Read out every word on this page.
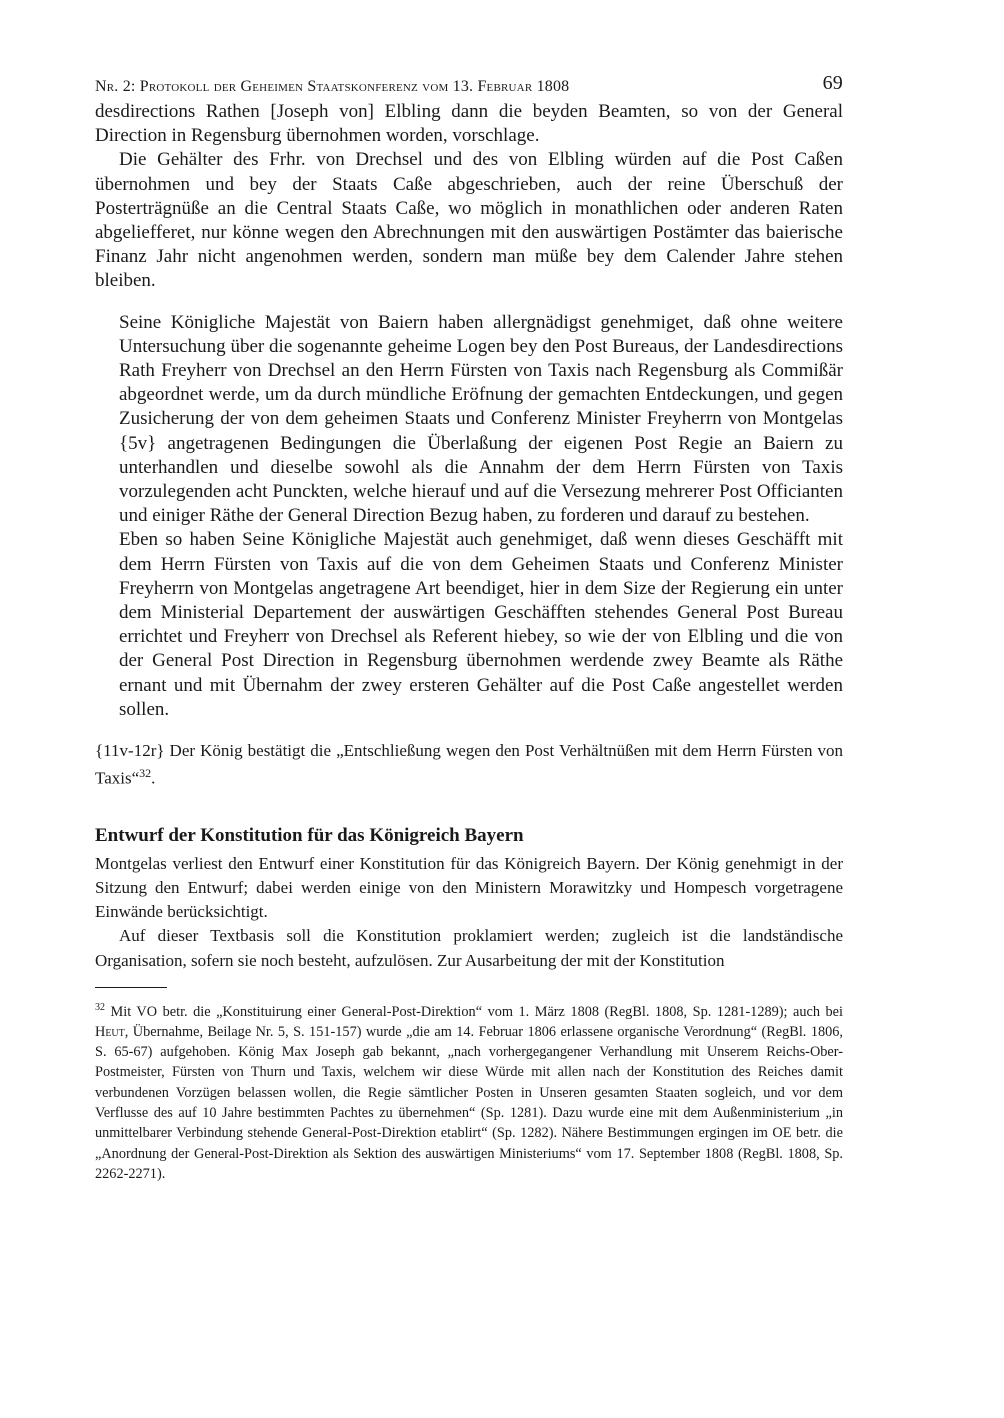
Nr. 2: Protokoll der Geheimen Staatskonferenz vom 13. Februar 1808	69

desdirections Rathen [Joseph von] Elbling dann die beyden Beamten, so von der General Direction in Regensburg übernohmen worden, vorschlage.

Die Gehälter des Frhr. von Drechsel und des von Elbling würden auf die Post Caßen übernohmen und bey der Staats Caße abgeschrieben, auch der reine Überschuß der Posterträgnüße an die Central Staats Caße, wo möglich in monathlichen oder anderen Raten abgeliefferet, nur könne wegen den Abrechnungen mit den auswärtigen Postämter das baierische Finanz Jahr nicht angenohmen werden, sondern man müße bey dem Calender Jahre stehen bleiben.

Seine Königliche Majestät von Baiern haben allergnädigst genehmiget, daß ohne weitere Untersuchung über die sogenannte geheime Logen bey den Post Bureaus, der Landesdirections Rath Freyherr von Drechsel an den Herrn Fürsten von Taxis nach Regensburg als Commißär abgeordnet werde, um da durch mündliche Eröfnung der gemachten Entdeckungen, und gegen Zusicherung der von dem geheimen Staats und Conferenz Minister Freyherrn von Montgelas {5v} angetragenen Bedingungen die Überlaßung der eigenen Post Regie an Baiern zu unterhandlen und dieselbe sowohl als die Annahm der dem Herrn Fürsten von Taxis vorzulegenden acht Punckten, welche hierauf und auf die Versezung mehrerer Post Officianten und einiger Räthe der General Direction Bezug haben, zu forderen und darauf zu bestehen.

Eben so haben Seine Königliche Majestät auch genehmiget, daß wenn dieses Geschäfft mit dem Herrn Fürsten von Taxis auf die von dem Geheimen Staats und Conferenz Minister Freyherrn von Montgelas angetragene Art beendiget, hier in dem Size der Regierung ein unter dem Ministerial Departement der auswärtigen Geschäfften stehendes General Post Bureau errichtet und Freyherr von Drechsel als Referent hiebey, so wie der von Elbling und die von der General Post Direction in Regensburg übernohmen werdende zwey Beamte als Räthe ernant und mit Übernahm der zwey ersteren Gehälter auf die Post Caße angestellet werden sollen.

{11v-12r} Der König bestätigt die „Entschließung wegen den Post Verhältnüßen mit dem Herrn Fürsten von Taxis“$^{32}$.
Entwurf der Konstitution für das Königreich Bayern

Montgelas verliest den Entwurf einer Konstitution für das Königreich Bayern. Der König genehmigt in der Sitzung den Entwurf; dabei werden einige von den Ministern Morawitzky und Hompesch vorgetragene Einwände berücksichtigt.

Auf dieser Textbasis soll die Konstitution proklamiert werden; zugleich ist die landständische Organisation, sofern sie noch besteht, aufzulösen. Zur Ausarbeitung der mit der Konstitution

$^{32}$ Mit VO betr. die „Konstituirung einer General-Post-Direktion“ vom 1. März 1808 (RegBl. 1808, Sp. 1281-1289); auch bei Heut, Übernahme, Beilage Nr. 5, S. 151-157) wurde „die am 14. Februar 1806 erlassene organische Verordnung“ (RegBl. 1806, S. 65-67) aufgehoben. König Max Joseph gab bekannt, „nach vorhergegangener Verhandlung mit Unserem Reichs-Ober-Postmeister, Fürsten von Thurn und Taxis, welchem wir diese Würde mit allen nach der Konstitution des Reiches damit verbundenen Vorzügen belassen wollen, die Regie sämtlicher Posten in Unseren gesamten Staaten sogleich, und vor dem Verflusse des auf 10 Jahre bestimmten Pachtes zu übernehmen“ (Sp. 1281). Dazu wurde eine mit dem Außenministerium „in unmittelbarer Verbindung stehende General-Post-Direktion etablirt“ (Sp. 1282). Nähere Bestimmungen ergingen im OE betr. die „Anordnung der General-Post-Direktion als Sektion des auswärtigen Ministeriums“ vom 17. September 1808 (RegBl. 1808, Sp. 2262-2271).
